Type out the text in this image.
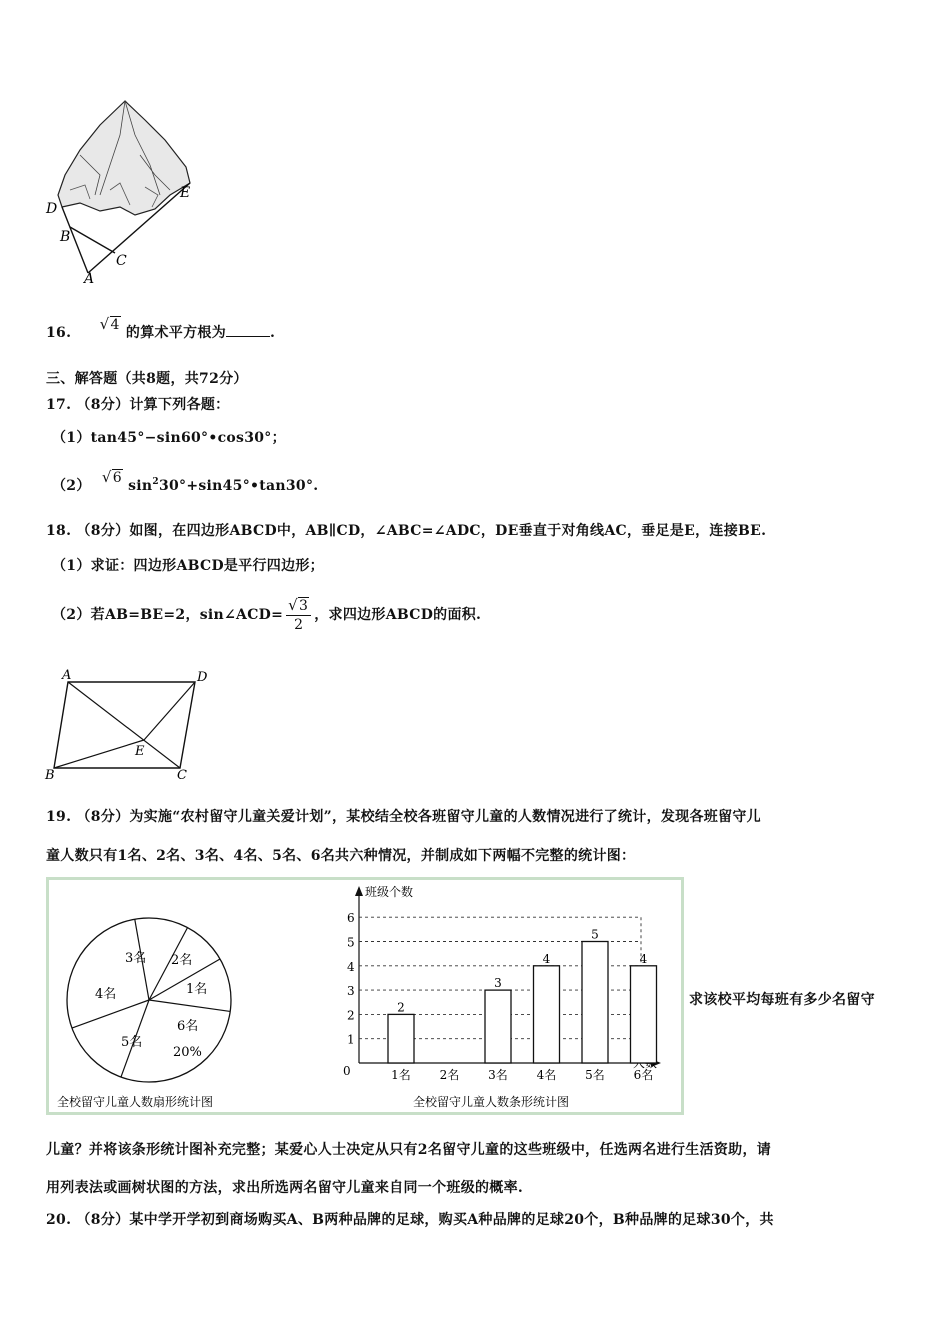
D
E
B
C
A
16. √4 的算术平方根为	.
三、解答题（共8题，共72分）
17. （8分）计算下列各题：
（1）tan45°−sin60°•cos30°；
（2） √6 $\sin^230^\circ+\sin 45^\circ•\tan 30^\circ$.
18. （8分）如图，在四边形ABCD中，AB∥CD，∠ABC=∠ADC，DE垂直于对角线AC，垂足是E，连接BE.
（1）求证：四边形ABCD是平行四边形；
（2）若AB=BE=2，sin∠ACD= $\frac{√3}{2}$ ，求四边形ABCD的面积.
A	D
E
B	C
19. （8分）为实施“农村留守儿童关爱计划”，某校结全校各班留守儿童的人数情况进行了统计，发现各班留守儿
童人数只有1名、2名、3名、4名、5名、6名共六种情况，并制成如下两幅不完整的统计图：
3名 2名
1名
4名
6名
5名
20%
全校留守儿童人数扇形统计图
0
1
2
3
4
5
6
班级个数
2
1名 2名
3
3名
4
4名
5
5名
4
6名
全校留守儿童人数条形统计图
求该校平均每班有多少名留守
儿童？并将该条形统计图补充完整；某爱心人士决定从只有2名留守儿童的这些班级中，任选两名进行生活资助，请
用列表法或画树状图的方法，求出所选两名留守儿童来自同一个班级的概率.
20. （8分）某中学开学初到商场购买A、B两种品牌的足球，购买A种品牌的足球20个，B种品牌的足球30个，共
